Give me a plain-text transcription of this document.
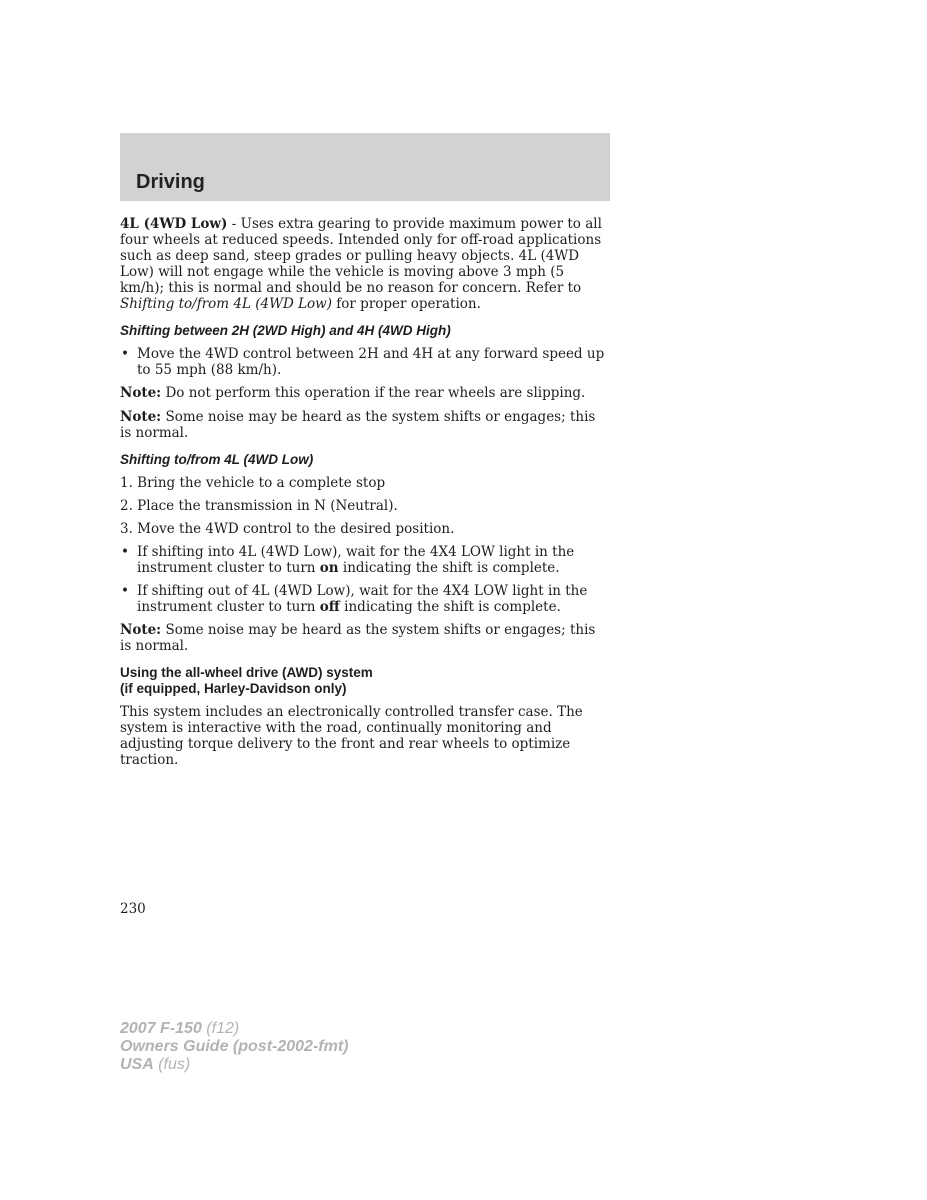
Driving

4L (4WD Low) - Uses extra gearing to provide maximum power to all four wheels at reduced speeds. Intended only for off-road applications such as deep sand, steep grades or pulling heavy objects. 4L (4WD Low) will not engage while the vehicle is moving above 3 mph (5 km/h); this is normal and should be no reason for concern. Refer to Shifting to/from 4L (4WD Low) for proper operation.

Shifting between 2H (2WD High) and 4H (4WD High)
• Move the 4WD control between 2H and 4H at any forward speed up to 55 mph (88 km/h).

Note: Do not perform this operation if the rear wheels are slipping.

Note: Some noise may be heard as the system shifts or engages; this is normal.

Shifting to/from 4L (4WD Low)
1. Bring the vehicle to a complete stop
2. Place the transmission in N (Neutral).
3. Move the 4WD control to the desired position.
• If shifting into 4L (4WD Low), wait for the 4X4 LOW light in the instrument cluster to turn on indicating the shift is complete.
• If shifting out of 4L (4WD Low), wait for the 4X4 LOW light in the instrument cluster to turn off indicating the shift is complete.

Note: Some noise may be heard as the system shifts or engages; this is normal.

Using the all-wheel drive (AWD) system
(if equipped, Harley-Davidson only)

This system includes an electronically controlled transfer case. The system is interactive with the road, continually monitoring and adjusting torque delivery to the front and rear wheels to optimize traction.

230
2007 F-150 (f12)
Owners Guide (post-2002-fmt)
USA (fus)
